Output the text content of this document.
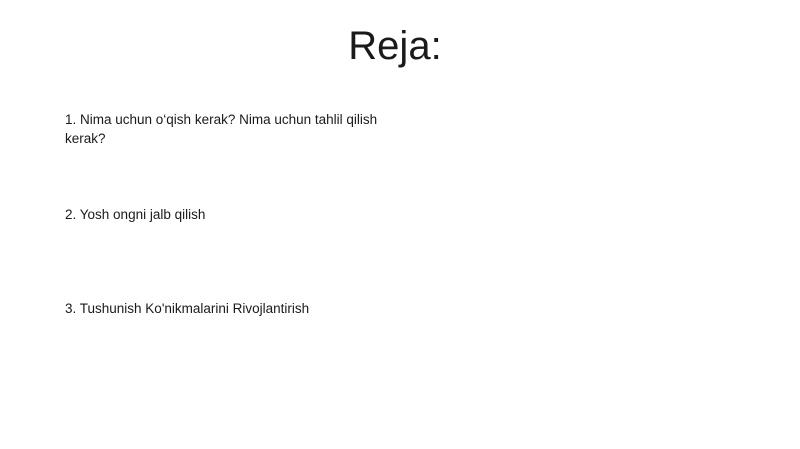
Reja:
1. Nima uchun o‘qish kerak? Nima uchun tahlil qilish kerak?
2. Yosh ongni jalb qilish
3. Tushunish Ko'nikmalarini Rivojlantirish
